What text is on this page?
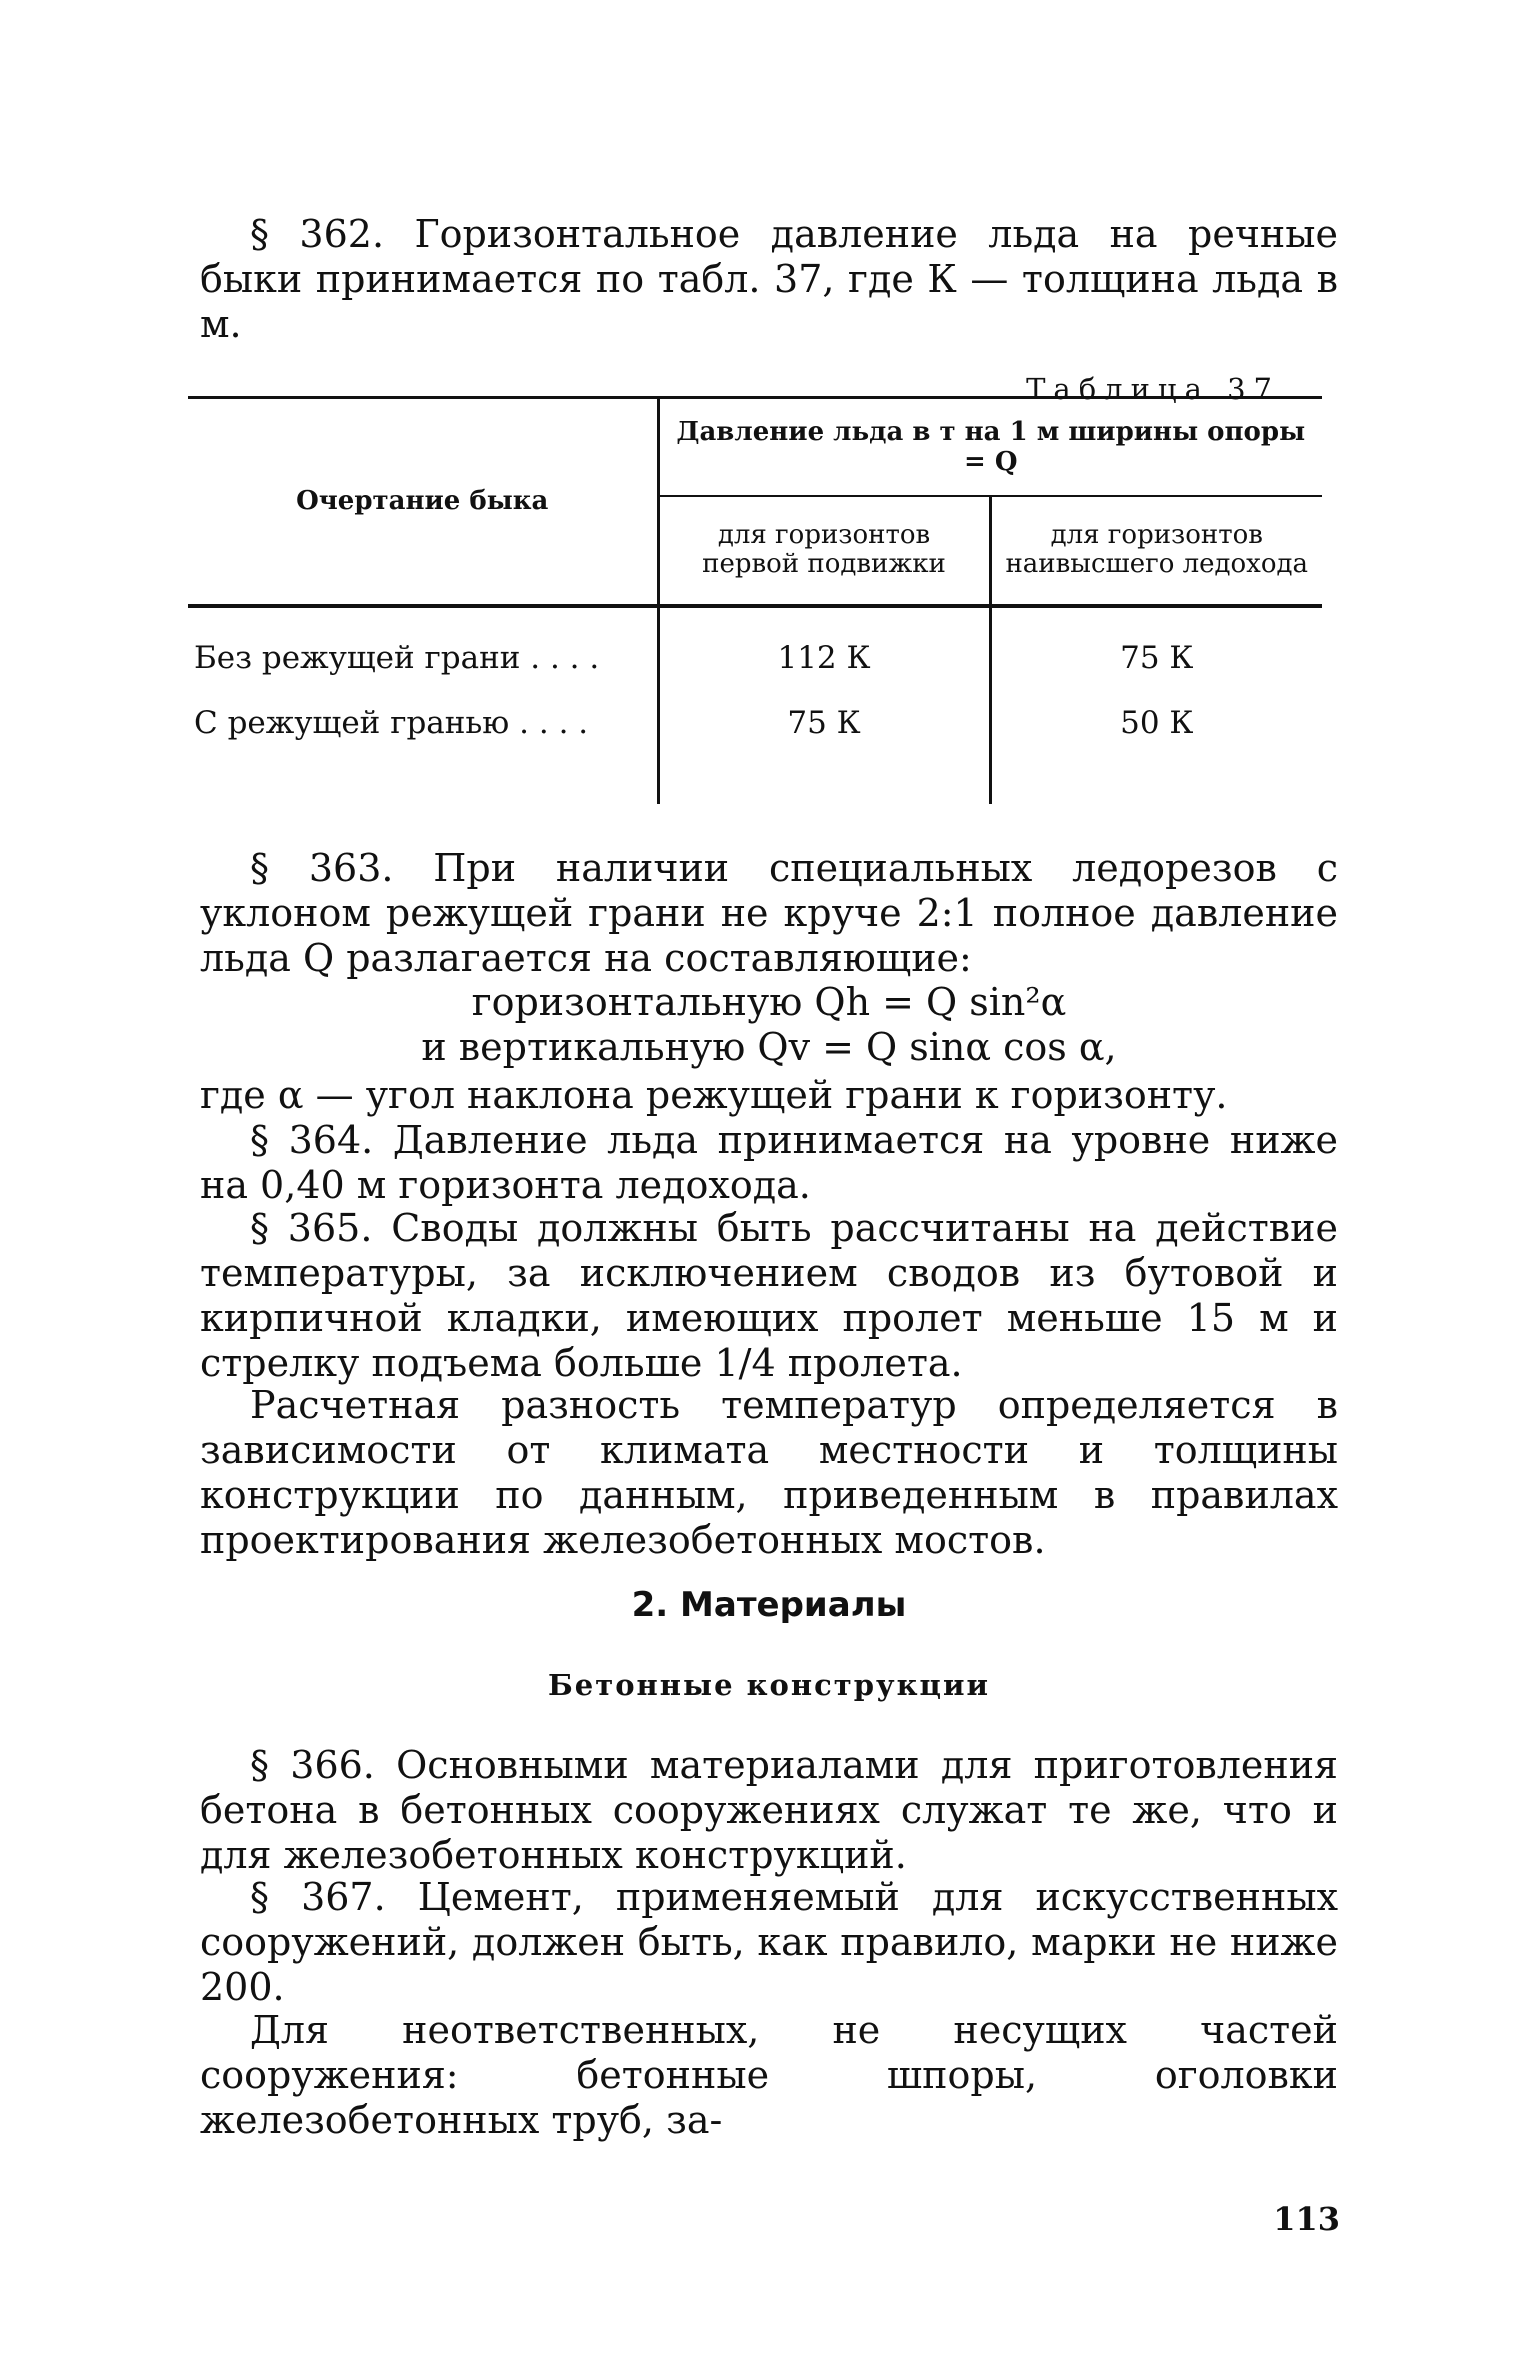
§ 362. Горизонтальное давление льда на речные быки принимается по табл. 37, где К — толщина льда в м.

Таблица 37

Очертание быка	Давление льда в т на 1 м ширины опоры = Q	
	для горизонтов первой подвижки	для горизонтов наивысшего ледохода

Без режущей грани . . . .	112 К	75 К
С режущей гранью . . . .	75 К	50 К

§ 363. При наличии специальных ледорезов с уклоном режущей грани не круче 2:1 полное давление льда Q разлагается на составляющие:

горизонтальную Qh = Q sin²α

и вертикальную Qv = Q sinα cos α,

где α — угол наклона режущей грани к горизонту.

§ 364. Давление льда принимается на уровне ниже на 0,40 м горизонта ледохода.

§ 365. Своды должны быть рассчитаны на действие температуры, за исключением сводов из бутовой и кирпичной кладки, имеющих пролет меньше 15 м и стрелку подъема больше 1/4 пролета.

Расчетная разность температур определяется в зависимости от климата местности и толщины конструкции по данным, приведенным в правилах проектирования железобетонных мостов.

2. Материалы

Бетонные конструкции

§ 366. Основными материалами для приготовления бетона в бетонных сооружениях служат те же, что и для железобетонных конструкций.

§ 367. Цемент, применяемый для искусственных сооружений, должен быть, как правило, марки не ниже 200.

Для неответственных, не несущих частей сооружения: бетонные шпоры, оголовки железобетонных труб, за-

113
